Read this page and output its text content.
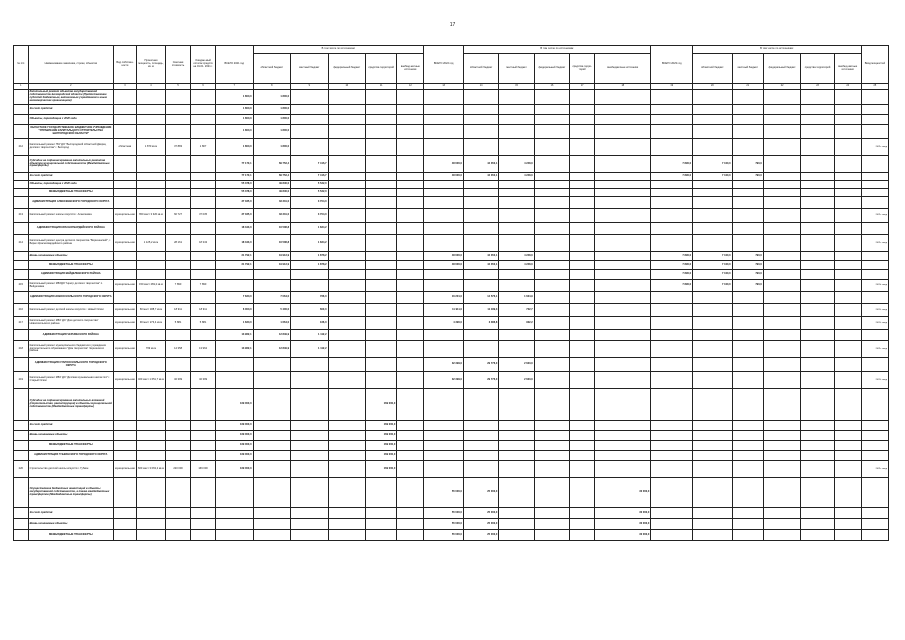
17
№ п/п	Наименование заказчика, строек, объектов	Вид собствен-ности	Проектная мощность, площадь, кв. м	Сметная стоимость	Ожидае-мый остаток средств на 01.01. 2021 г.	ВСЕГО 2021 год	В том числе по источникам:					ВСЕГО 2022 год	В том числе по источникам:					ВСЕГО 2023 год	В том числе по источникам:					Ввод мощностей
							областной бюджет	местный бюджет	федеральный бюджет	средства территорий	внебюд-жетные источники		областной бюджет	местный бюджет	федеральный бюджет	средства терри-торий	внебюджетные источники		областной бюджет	местный бюджет	федеральный бюджет	средства территорий	внебюд-жетные источники	
1	2	3	4	5	6	7	8	9	10	11	12	13	14	15	16	17	18	19	20	21	22	23	24	25
	Капитальный ремонт объектов государственной собственности Белгородской области (Предоставление субсидий бюджетным, автономным учреждениям и иным некоммерческим организациям)					1 800,0	1 800,0																	
	За счет средств:					1 800,0	1 800,0																	
	Объекты, переходящие с 2020 года					1 800,0	1 800,0																	
	ОБЛАСТНОЕ ГОСУДАРСТВЕННОЕ БЮДЖЕТНОЕ УЧРЕЖДЕНИЕ "УПРАВЛЕНИЕ КАПИТАЛЬНОГО СТРОИТЕЛЬСТВА БЕЛГОРОДСКОЙ ОБЛАСТИ"					1 800,0	1 800,0																	
212	Капитальный ремонт ГБУ ДО "Белгородский областной Дворец детского творчества" г. Белгород	областная	1 870 кв.м	37 883	1 807	1 800,0	1 800,0																	2021г. ввод
	Субсидии на софинансирование капитальных ремонтов объектов муниципальной собственности (Межбюджетные трансферты)					77 170,1	69 753,4	7 416,7				48 600,0	44 352,1	4 248,0				7 890,0	7 100,0	790,0				
	За счет средств:					77 170,1	69 753,4	7 416,7				48 600,0	44 352,1	4 248,0				7 890,0	7 100,0	790,0				
	Объекты, переходящие с 2020 года					55 378,0	49 846,0	5 532,0																
	МЕЖБЮДЖЕТНЫЕ ТРАНСФЕРТЫ					55 378,0	49 846,0	5 532,0																
	АДМИНИСТРАЦИЯ АЛЕКСЕЕВСКОГО ГОРОДСКОГО ОКРУГА					37 035,0	33 331,0	3 704,0																
213	Капитальный ремонт школы искусств г. Алексеевка	муниципаль-ная	650 мест 3 320 кв.м	60 727	37 035	37 035,0	33 331,0	3 704,0																2021г. ввод
	АДМИНИСТРАЦИЯ КРАСНОГВАРДЕЙСКОГО РАЙОНА					18 343,0	16 508,8	1 834,2																
214	Капитальный ремонт центра детского творчества "Бирюченский", г. Бирюч Красногвардейского района	муниципаль-ная	1 125,2 кв.м	28 161	18 343	18 343,0	16 508,8	1 834,2																2021г. ввод
	Вновь начинаемые объекты					21 792,1	19 913,9	1 878,2				48 600,0	44 352,1	4 248,0				7 890,0	7 100,0	790,0				
	МЕЖБЮДЖЕТНЫЕ ТРАНСФЕРТЫ					21 792,1	19 913,9	1 878,2				48 600,0	44 352,1	4 248,0				7 890,0	7 100,0	790,0				
	АДМИНИСТРАЦИЯ ВЕЙДЕЛЕВСКОГО РАЙОНА																	7 890,0	7 100,0	790,0				
215	Капитальный ремонт МБУДО "Центр детского творчества" п. Вейделевка	муниципаль-ная	150 мест 269,2 кв.м	7 890	7 890													7 890,0	7 100,0	790,0				2023г. ввод
	АДМИНИСТРАЦИЯ НОВООСКОЛЬСКОГО ГОРОДСКОГО ОКРУГА					7 830,0	7 064,0	766,0				16 201,0	14 576,1	1 624,9										
216	Капитальный ремонт детской школы искусств г. Новый Оскол	муниципаль-ная	60 мест 188,7 кв.м	18 911	18 911	6 000,0	5 400,0	600,0				11 911,0	11 189,3	722,7										2022г. ввод
217	Капитальный ремонт МБУ ДО "Дом детского творчества" Новооскольского района	муниципаль-ная	90 мест 273,4 кв.м	5 881	5 881	1 830,0	1 664,0	166,0				4 290,0	3 386,8	902,2										2022г. ввод
	АДМИНИСТРАЦИЯ ЧЕРНЯНСКОГО РАЙОНА					13 962,1	12 849,9	1 112,2																
218	Капитальный ремонт муниципального бюджетного учреждения дополнительного образования "Дом творчества" Чернянского района	муниципаль-ная	769 кв.м	14 358	13 962	13 962,1	12 849,9	1 112,2																2021г. ввод
	АДМИНИСТРАЦИЯ СТАРООСКОЛЬСКОГО ГОРОДСКОГО ОКРУГА											32 399,0	29 776,0	2 623,0										
219	Капитальный ремонт МБУ ДО "Детская музыкальная школа №1" г. Старый Оскол	муниципаль-ная	400 мест 1 651,7 кв.м	32 399	32 399							32 399,0	29 776,0	2 623,0										2022г. ввод
	Субсидии на софинансирование капитальных вложений (строительство, реконструкция) в объекты муниципальной собственности (Межбюджетные трансферты)					169 000,0				169 000,0														
	За счет средств:					169 000,0				169 000,0														
	Вновь начинаемые объекты					169 000,0				169 000,0														
	МЕЖБЮДЖЕТНЫЕ ТРАНСФЕРТЫ					169 000,0				169 000,0														
	АДМИНИСТРАЦИЯ ГУБКИНСКОГО ГОРОДСКОГО ОКРУГА					169 000,0				169 000,0														
220	Строительство детской школы искусств г. Губкин	муниципаль-ная	600 мест 3 063,2 кв.м	220 000	169 000	169 000,0				169 000,0														2021г. ввод
	Осуществление бюджетных инвестиций в объекты государственной собственности, а также межбюджетных трансфертов (Межбюджетные трансферты)											55 000,0	25 000,0				30 000,0							
	За счет средств:											55 000,0	25 000,0				30 000,0							
	Вновь начинаемые объекты											55 000,0	25 000,0				30 000,0							
	МЕЖБЮДЖЕТНЫЕ ТРАНСФЕРТЫ											55 000,0	25 000,0				30 000,0							
